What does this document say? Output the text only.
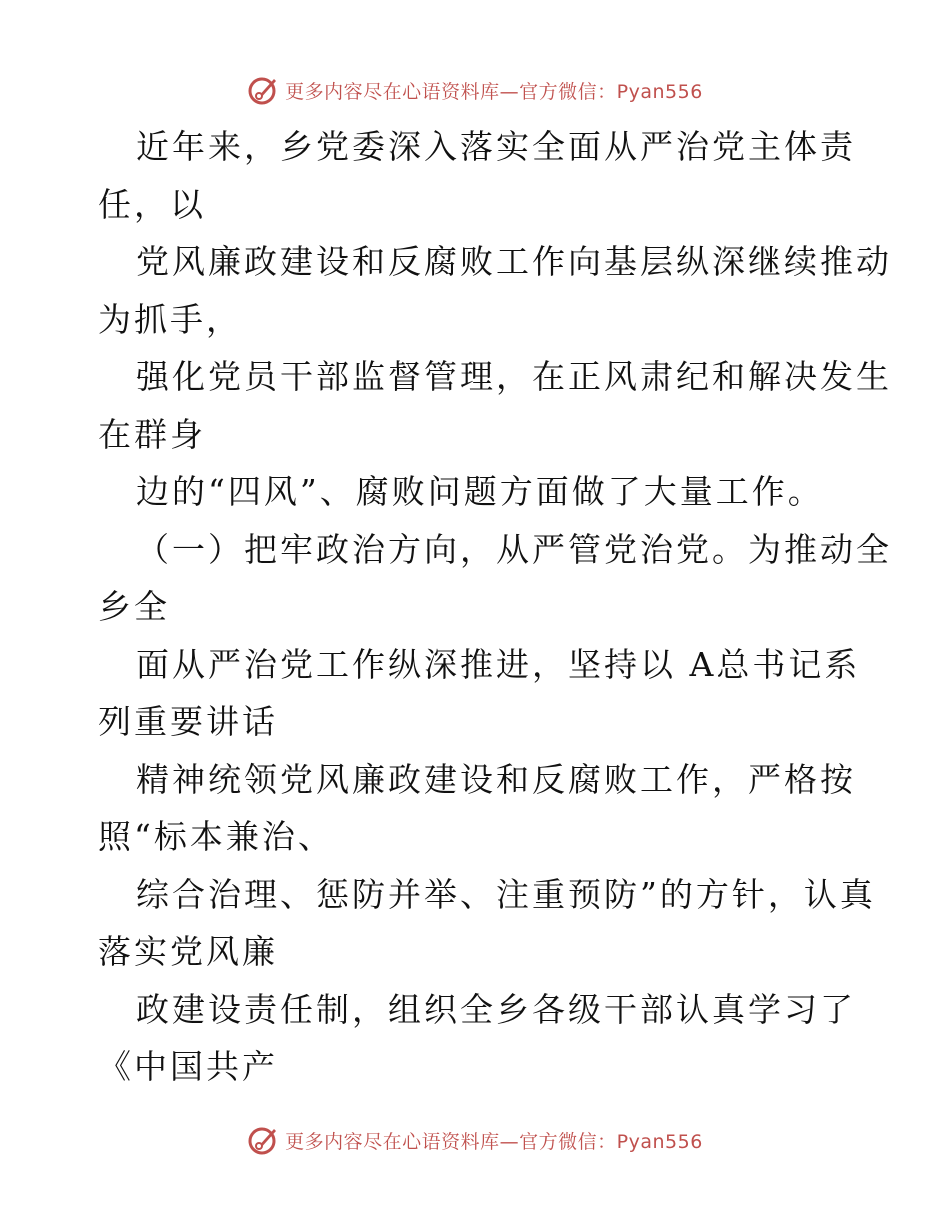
更多内容尽在心语资料库—官方微信：Pyan556
近年来，乡党委深入落实全面从严治党主体责
任，以
党风廉政建设和反腐败工作向基层纵深继续推动
为抓手，
强化党员干部监督管理，在正风肃纪和解决发生
在群身
边的“四风”、腐败问题方面做了大量工作。
（一）把牢政治方向，从严管党治党。为推动全
乡全
面从严治党工作纵深推进，坚持以 A总书记系
列重要讲话
精神统领党风廉政建设和反腐败工作，严格按
照“标本兼治、
综合治理、惩防并举、注重预防”的方针，认真
落实党风廉
政建设责任制，组织全乡各级干部认真学习了
《中国共产
更多内容尽在心语资料库—官方微信：Pyan556
